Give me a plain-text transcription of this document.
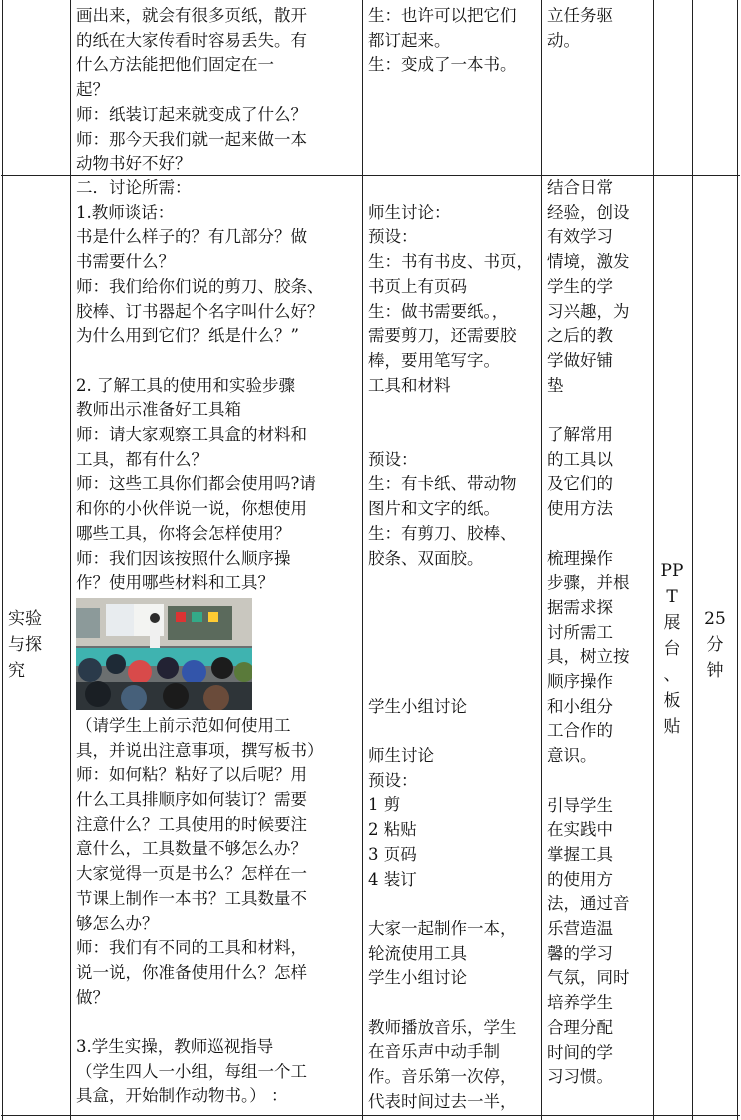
画出来，就会有很多页纸，散开

的纸在大家传看时容易丢失。有

什么方法能把他们固定在一

起？

师：纸装订起来就变成了什么？

师：那今天我们就一起来做一本

动物书好不好？

生：也许可以把它们

都订起来。

生：变成了一本书。

立任务驱

动。

实验

与探

究

二．讨论所需：

1.教师谈话：

书是什么样子的？有几部分？做

书需要什么？

师：我们给你们说的剪刀、胶条、

胶棒、订书器起个名字叫什么好？

为什么用到它们？纸是什么？”

2. 了解工具的使用和实验步骤

教师出示准备好工具箱

师：请大家观察工具盒的材料和

工具，都有什么？

师：这些工具你们都会使用吗?请

和你的小伙伴说一说，你想使用

哪些工具，你将会怎样使用？

师：我们因该按照什么顺序操

作？使用哪些材料和工具？

（请学生上前示范如何使用工

具，并说出注意事项，撰写板书）

师：如何粘？粘好了以后呢？用

什么工具排顺序如何装订？需要

注意什么？工具使用的时候要注

意什么，工具数量不够怎么办？

大家觉得一页是书么？怎样在一

节课上制作一本书？工具数量不

够怎么办？

师：我们有不同的工具和材料，

说一说，你准备使用什么？怎样

做？

3.学生实操，教师巡视指导

（学生四人一小组，每组一个工

具盒，开始制作动物书。） ：

师生讨论：

预设：

生：书有书皮、书页，

书页上有页码

生：做书需要纸。，

需要剪刀，还需要胶

棒，要用笔写字。

工具和材料

预设：

生：有卡纸、带动物

图片和文字的纸。

生：有剪刀、胶棒、

胶条、双面胶。

学生小组讨论

师生讨论

预设：

1 剪

2 粘贴

3 页码

4 装订

大家一起制作一本，

轮流使用工具

学生小组讨论

教师播放音乐，学生

在音乐声中动手制

作。音乐第一次停，

代表时间过去一半，

结合日常

经验，创设

有效学习

情境，激发

学生的学

习兴趣，为

之后的教

学做好铺

垫

了解常用

的工具以

及它们的

使用方法

梳理操作

步骤，并根

据需求探

讨所需工

具，树立按

顺序操作

和小组分

工合作的

意识。

引导学生

在实践中

掌握工具

的使用方

法，通过音

乐营造温

馨的学习

气氛，同时

培养学生

合理分配

时间的学

习习惯。

PP

T

展

台

、

板

贴

25

分

钟
